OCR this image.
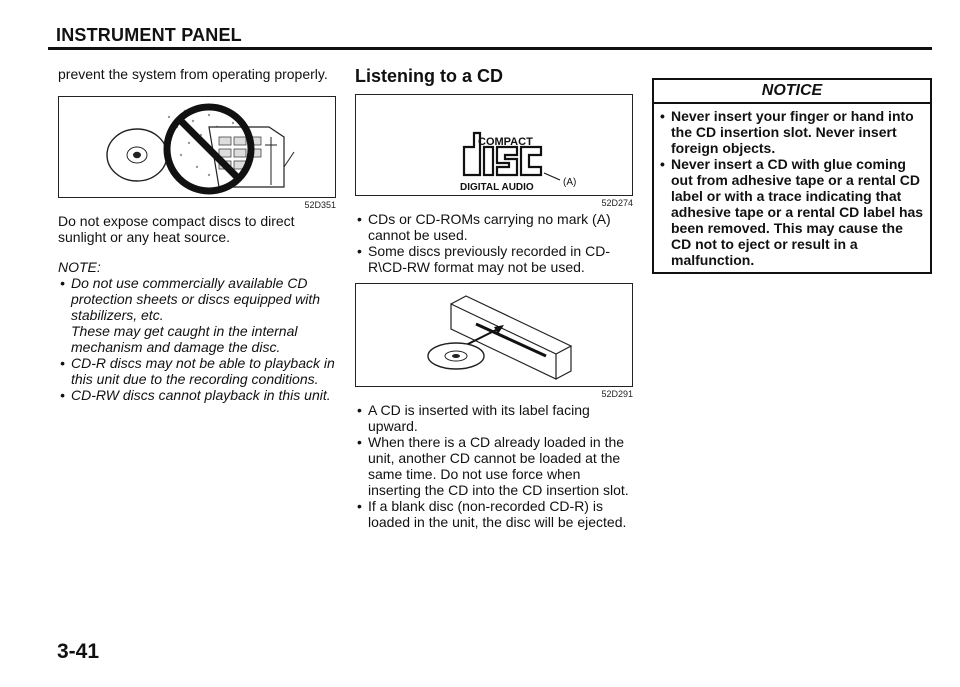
INSTRUMENT PANEL

prevent the system from operating properly.

52D351

Do not expose compact discs to direct sunlight or any heat source.

NOTE:

• Do not use commercially available CD protection sheets or discs equipped with stabilizers, etc.
These may get caught in the internal mechanism and damage the disc.
• CD-R discs may not be able to playback in this unit due to the recording conditions.
• CD-RW discs cannot playback in this unit.

Listening to a CD

COMPACT
DIGITAL AUDIO	(A)
52D274
• CDs or CD-ROMs carrying no mark (A) cannot be used.
• Some discs previously recorded in CD-R\CD-RW format may not be used.
52D291
• A CD is inserted with its label facing upward.
• When there is a CD already loaded in the unit, another CD cannot be loaded at the same time. Do not use force when inserting the CD into the CD insertion slot.
• If a blank disc (non-recorded CD-R) is loaded in the unit, the disc will be ejected.
NOTICE
• Never insert your finger or hand into the CD insertion slot. Never insert foreign objects.
• Never insert a CD with glue coming out from adhesive tape or a rental CD label or with a trace indicating that adhesive tape or a rental CD label has been removed. This may cause the CD not to eject or result in a malfunction.
3-41
